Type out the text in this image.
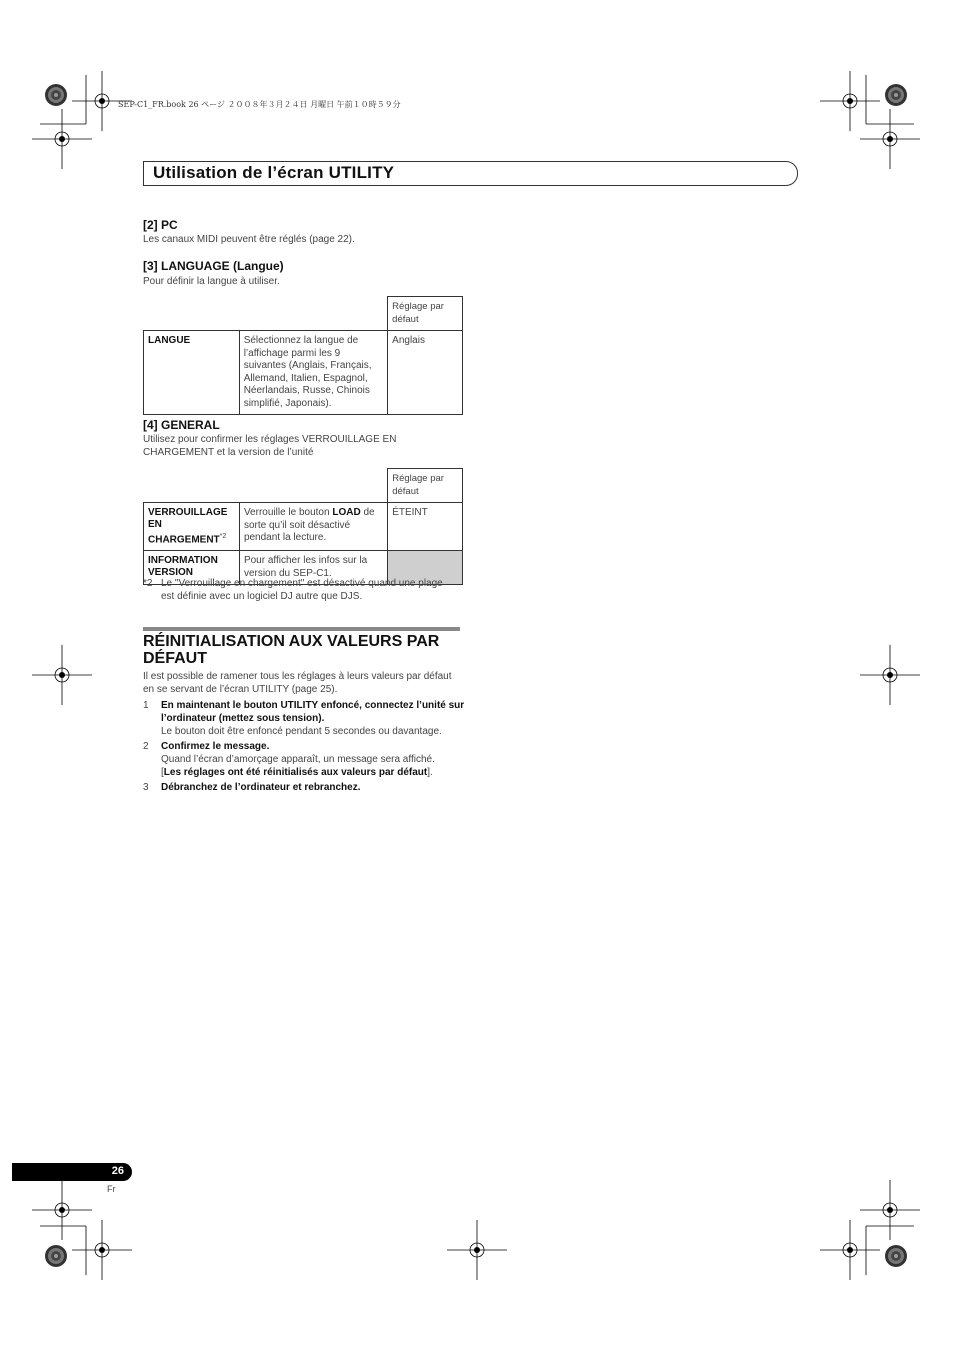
SEP-C1_FR.book 26 ページ ２００８年３月２４日 月曜日 午前１０時５９分
Utilisation de l’écran UTILITY
[2] PC
Les canaux MIDI peuvent être réglés (page 22).
[3] LANGUAGE (Langue)
Pour définir la langue à utiliser.
		Réglage par défaut
LANGUE	Sélectionnez la langue de l’affichage parmi les 9 suivantes (Anglais, Français, Allemand, Italien, Espagnol, Néerlandais, Russe, Chinois simplifié, Japonais).	Anglais
[4] GENERAL
Utilisez pour confirmer les réglages VERROUILLAGE EN CHARGEMENT et la version de l’unité
		Réglage par défaut
VERROUILLAGE EN CHARGEMENT$^{*2}$	Verrouille le bouton LOAD de sorte qu’il soit désactivé pendant la lecture.	ÉTEINT
INFORMATION VERSION	Pour afficher les infos sur la version du SEP-C1.	
*2 Le "Verrouillage en chargement" est désactivé quand une plage est définie avec un logiciel DJ autre que DJS.
RÉINITIALISATION AUX VALEURS PAR DÉFAUT
Il est possible de ramener tous les réglages à leurs valeurs par défaut en se servant de l’écran UTILITY (page 25).
1 En maintenant le bouton UTILITY enfoncé, connectez l’unité sur l’ordinateur (mettez sous tension).
Le bouton doit être enfoncé pendant 5 secondes ou davantage.
2 Confirmez le message.
Quand l’écran d’amorçage apparaît, un message sera affiché.
[Les réglages ont été réinitialisés aux valeurs par défaut].
3 Débranchez de l’ordinateur et rebranchez.
26
Fr
